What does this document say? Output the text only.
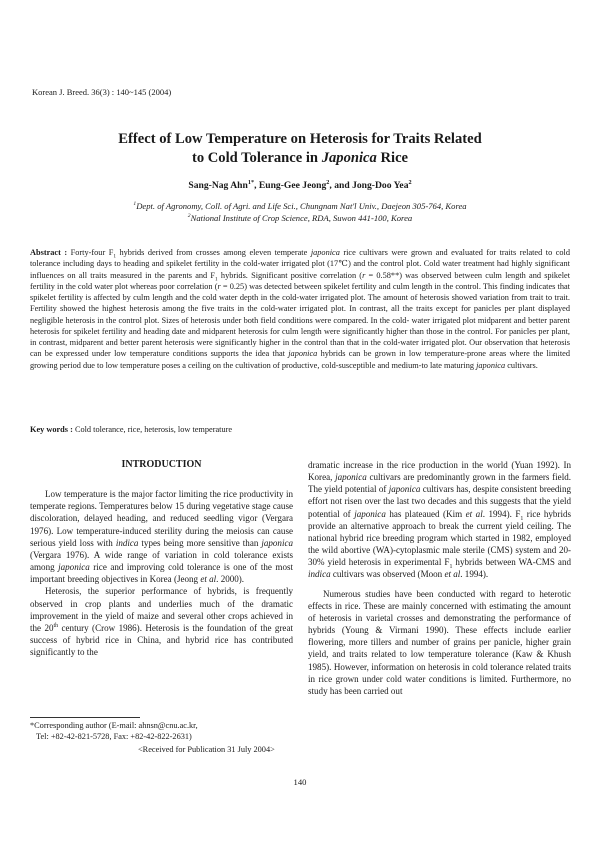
Korean J. Breed. 36(3) : 140~145 (2004)
Effect of Low Temperature on Heterosis for Traits Related
to Cold Tolerance in Japonica Rice
Sang-Nag Ahn$^{1*}$, Eung-Gee Jeong$^2$, and Jong-Doo Yea$^2$
$^1$Dept. of Agronomy, Coll. of Agri. and Life Sci., Chungnam Nat'l Univ., Daejeon 305-764, Korea
$^2$National Institute of Crop Science, RDA, Suwon 441-100, Korea
Abstract : Forty-four $F_1$ hybrids derived from crosses among eleven temperate japonica rice cultivars were grown and evaluated for traits related to cold tolerance including days to heading and spikelet fertility in the cold-water irrigated plot (17℃) and the control plot. Cold water treatment had highly significant influences on all traits measured in the parents and $F_1$ hybrids. Significant positive correlation (r = 0.58**) was observed between culm length and spikelet fertility in the cold water plot whereas poor correlation (r = 0.25) was detected between spikelet fertility and culm length in the control. This finding indicates that spikelet fertility is affected by culm length and the cold water depth in the cold-water irrigated plot. The amount of heterosis showed variation from trait to trait. Fertility showed the highest heterosis among the five traits in the cold-water irrigated plot. In contrast, all the traits except for panicles per plant displayed negligible heterosis in the control plot. Sizes of heterosis under both field conditions were compared. In the cold- water irrigated plot midparent and better parent heterosis for spikelet fertility and heading date and midparent heterosis for culm length were significantly higher than those in the control. For panicles per plant, in contrast, midparent and better parent heterosis were significantly higher in the control than that in the cold-water irrigated plot. Our observation that heterosis can be expressed under low temperature conditions supports the idea that japonica hybrids can be grown in low temperature-prone areas where the limited growing period due to low temperature poses a ceiling on the cultivation of productive, cold-susceptible and medium-to late maturing japonica cultivars.
Key words : Cold tolerance, rice, heterosis, low temperature
INTRODUCTION

Low temperature is the major factor limiting the rice productivity in temperate regions. Temperatures below 15 during vegetative stage cause discoloration, delayed heading, and reduced seedling vigor (Vergara 1976). Low temperature-induced sterility during the meiosis can cause serious yield loss with indica types being more sensitive than japonica (Vergara 1976). A wide range of variation in cold tolerance exists among japonica rice and improving cold tolerance is one of the most important breeding objectives in Korea (Jeong et al. 2000).

Heterosis, the superior performance of hybrids, is frequently observed in crop plants and underlies much of the dramatic improvement in the yield of maize and several other crops achieved in the 20th century (Crow 1986). Heterosis is the foundation of the great success of hybrid rice in China, and hybrid rice has contributed significantly to the

dramatic increase in the rice production in the world (Yuan 1992). In Korea, japonica cultivars are predominantly grown in the farmers field. The yield potential of japonica cultivars has, despite consistent breeding effort not risen over the last two decades and this suggests that the yield potential of japonica has plateaued (Kim et al. 1994). $F_1$ rice hybrids provide an alternative approach to break the current yield ceiling. The national hybrid rice breeding program which started in 1982, employed the wild abortive (WA)-cytoplasmic male sterile (CMS) system and 20-30% yield heterosis in experimental $F_1$ hybrids between WA-CMS and indica cultivars was observed (Moon et al. 1994).

Numerous studies have been conducted with regard to heterotic effects in rice. These are mainly concerned with estimating the amount of heterosis in varietal crosses and demonstrating the performance of hybrids (Young & Virmani 1990). These effects include earlier flowering, more tillers and number of grains per panicle, higher grain yield, and traits related to low temperature tolerance (Kaw & Khush 1985). However, information on heterosis in cold tolerance related traits in rice grown under cold water conditions is limited. Furthermore, no study has been carried out

*Corresponding author (E-mail: ahnsn@cnu.ac.kr,
Tel: +82-42-821-5728, Fax: +82-42-822-2631)
<Received for Publication 31 July 2004>
140
